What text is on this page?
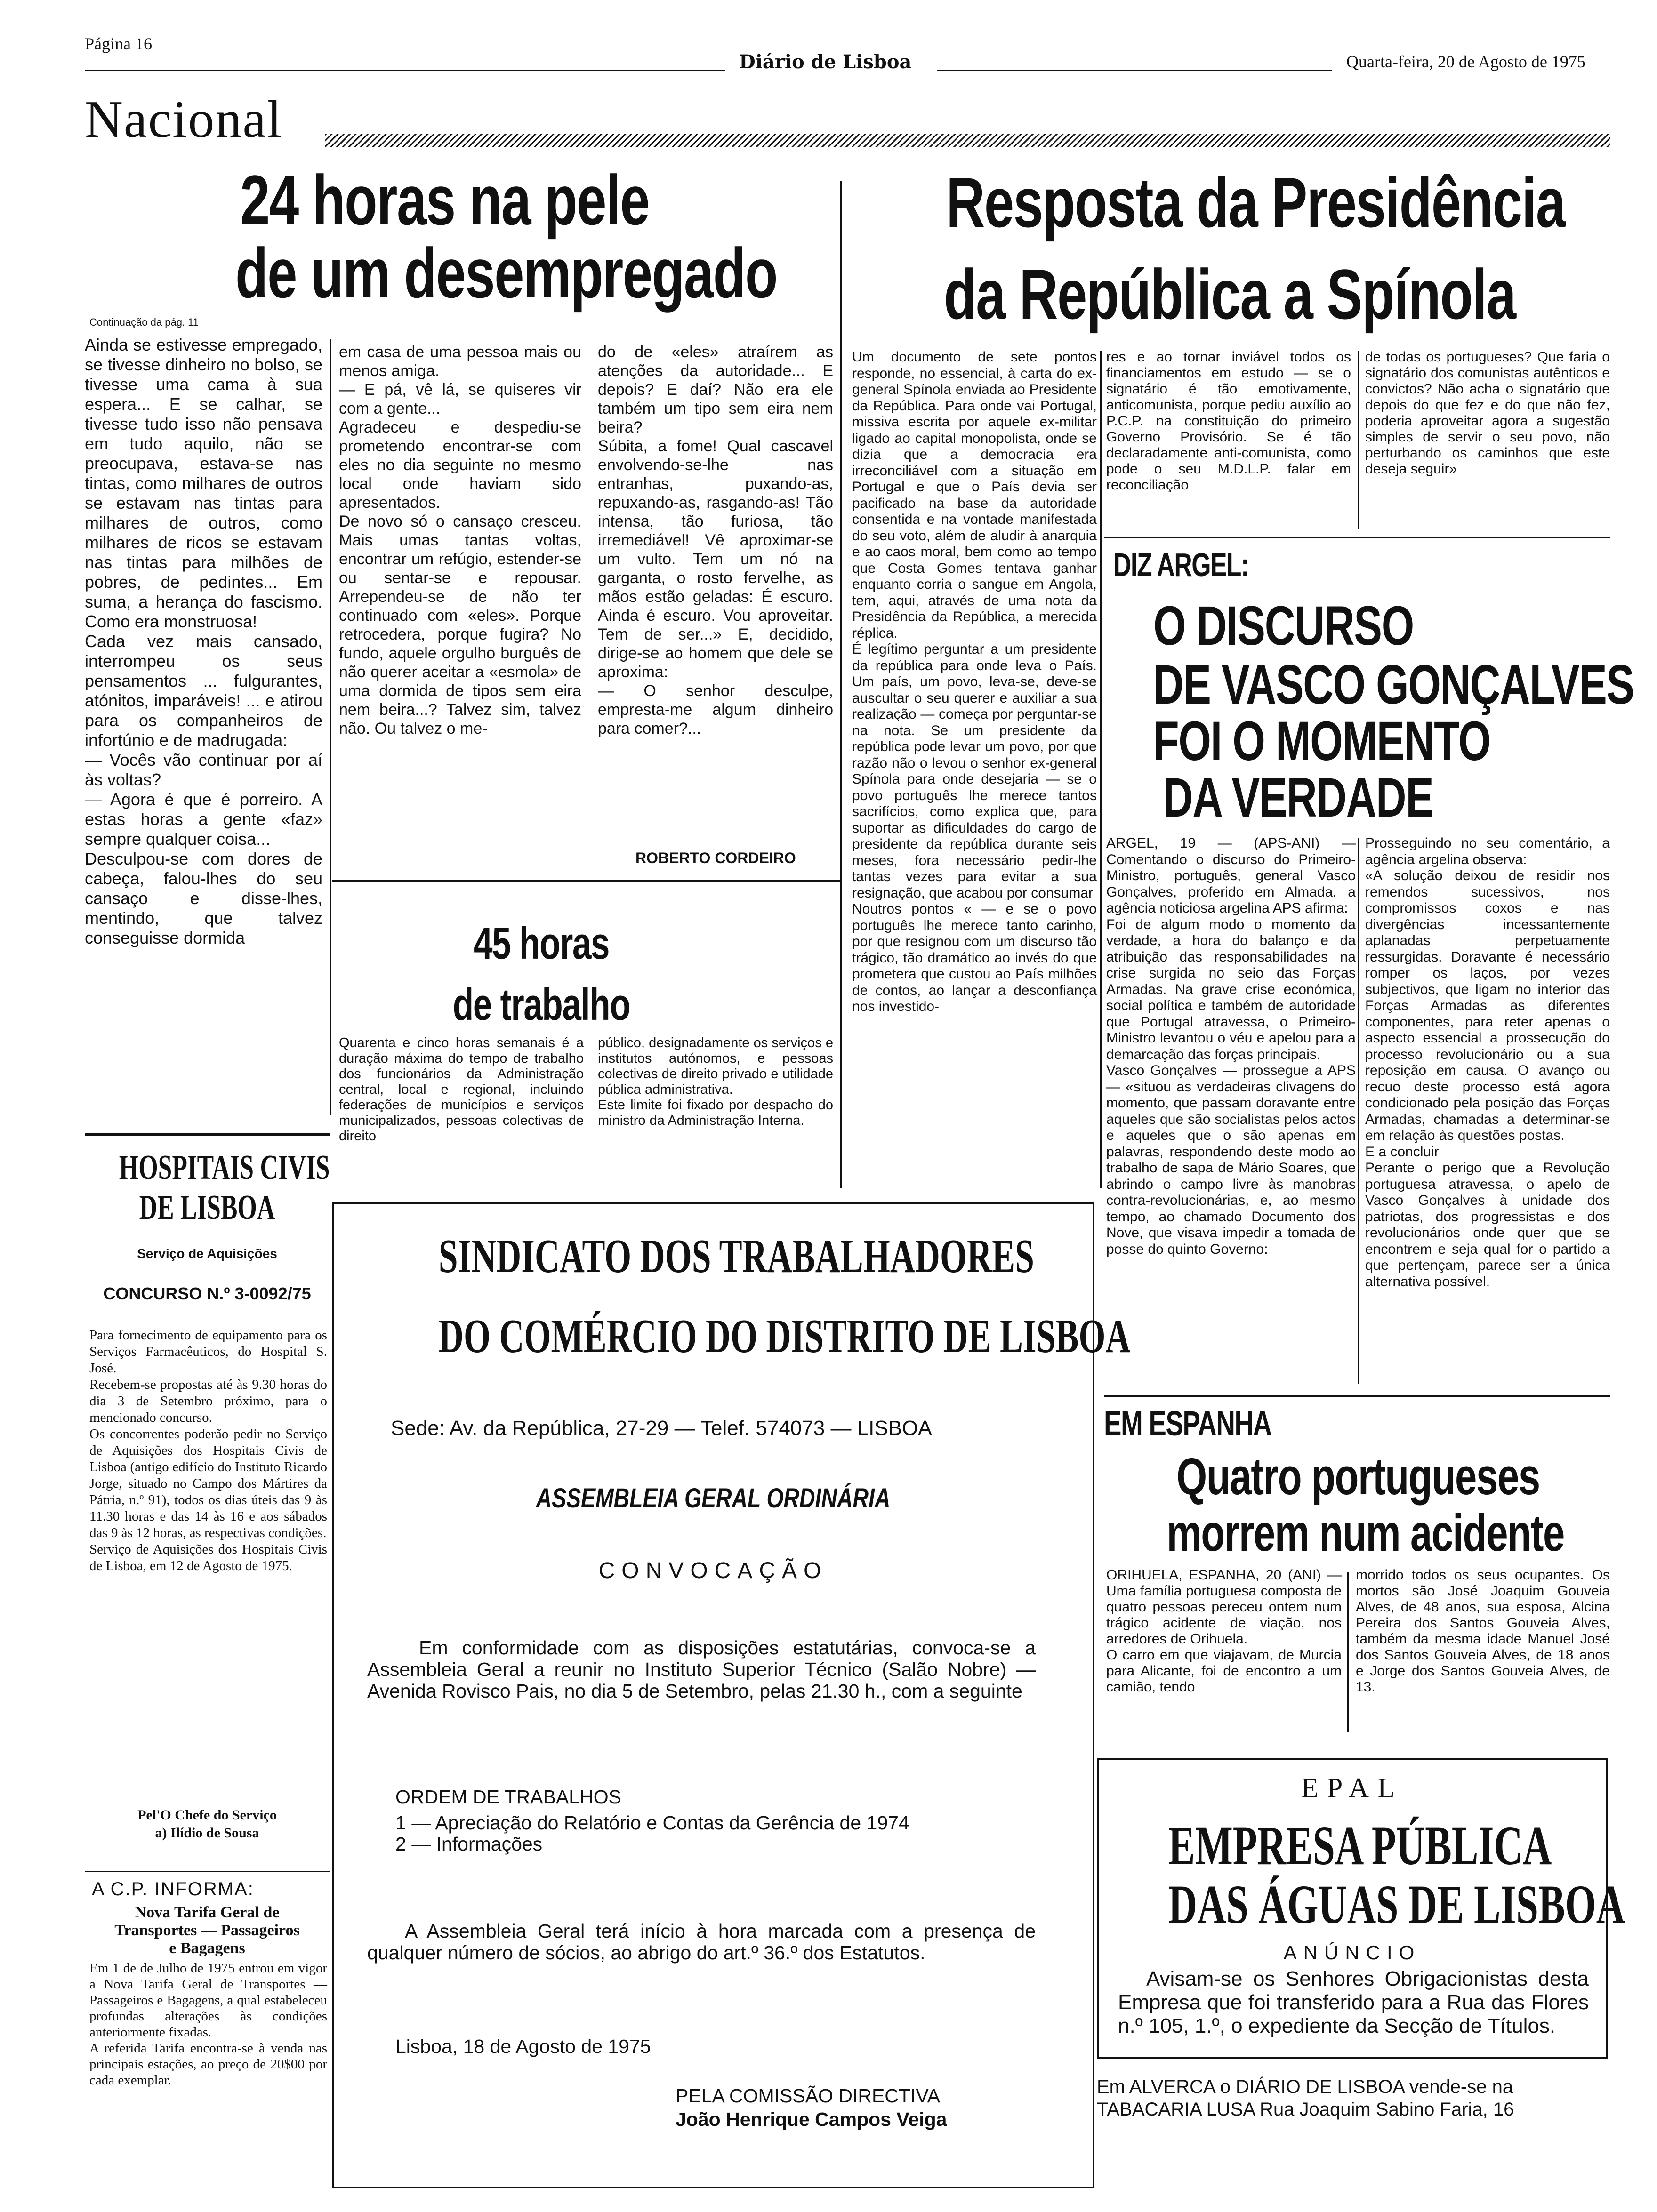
Página 16
Diário de Lisboa	Quarta-feira, 20 de Agosto de 1975
Nacional
24 horas na pele
de um desempregado
Continuação da pág. 11
Ainda se estivesse empregado, se tivesse dinheiro no bolso, se tivesse uma cama à sua espera... E se calhar, se tivesse tudo isso não pensava em tudo aquilo, não se preocupava, estava-se nas tintas, como milhares de outros se estavam nas tintas para milhares de outros, como milhares de ricos se estavam nas tintas para milhões de pobres, de pedintes... Em suma, a herança do fascismo. Como era monstruosa!
Cada vez mais cansado, interrompeu os seus pensamentos ... fulgurantes, atónitos, imparáveis! ... e atirou para os companheiros de infortúnio e de madrugada:
— Vocês vão continuar por aí às voltas?
— Agora é que é porreiro. A estas horas a gente «faz» sempre qualquer coisa...
Desculpou-se com dores de cabeça, falou-lhes do seu cansaço e disse-lhes, mentindo, que talvez conseguisse dormida
em casa de uma pessoa mais ou menos amiga.
— E pá, vê lá, se quiseres vir com a gente...
Agradeceu e despediu-se prometendo encontrar-se com eles no dia seguinte no mesmo local onde haviam sido apresentados.
De novo só o cansaço cresceu. Mais umas tantas voltas, encontrar um refúgio, estender-se ou sentar-se e repousar. Arrependeu-se de não ter continuado com «eles». Porque retrocedera, porque fugira? No fundo, aquele orgulho burguês de não querer aceitar a «esmola» de uma dormida de tipos sem eira nem beira...? Talvez sim, talvez não. Ou talvez o me-
do de «eles» atraírem as atenções da autoridade... E depois? E daí? Não era ele também um tipo sem eira nem beira?
Súbita, a fome! Qual cascavel envolvendo-se-lhe nas entranhas, puxando-as, repuxando-as, rasgando-as! Tão intensa, tão furiosa, tão irremediável! Vê aproximar-se um vulto. Tem um nó na garganta, o rosto fervelhe, as mãos estão geladas: É escuro. Ainda é escuro. Vou aproveitar. Tem de ser...» E, decidido, dirige-se ao homem que dele se aproxima:
— O senhor desculpe, empresta-me algum dinheiro para comer?...
ROBERTO CORDEIRO
45 horas
de trabalho
Quarenta e cinco horas semanais é a duração máxima do tempo de trabalho dos funcionários da Administração central, local e regional, incluindo federações de municípios e serviços municipalizados, pessoas colectivas de direito
público, designadamente os serviços e institutos autónomos, e pessoas colectivas de direito privado e utilidade pública administrativa.
Este limite foi fixado por despacho do ministro da Administração Interna.
Resposta da Presidência
da República a Spínola
Um documento de sete pontos responde, no essencial, à carta do ex-general Spínola enviada ao Presidente da República. Para onde vai Portugal, missiva escrita por aquele ex-militar ligado ao capital monopolista, onde se dizia que a democracia era irreconciliável com a situação em Portugal e que o País devia ser pacificado na base da autoridade consentida e na vontade manifestada do seu voto, além de aludir à anarquia e ao caos moral, bem como ao tempo que Costa Gomes tentava ganhar enquanto corria o sangue em Angola, tem, aqui, através de uma nota da Presidência da República, a merecida réplica.
É legítimo perguntar a um presidente da república para onde leva o País. Um país, um povo, leva-se, deve-se auscultar o seu querer e auxiliar a sua realização — começa por perguntar-se na nota. Se um presidente da república pode levar um povo, por que razão não o levou o senhor ex-general Spínola para onde desejaria — se o povo português lhe merece tantos sacrifícios, como explica que, para suportar as dificuldades do cargo de presidente da república durante seis meses, fora necessário pedir-lhe tantas vezes para evitar a sua resignação, que acabou por consumar
Noutros pontos « — e se o povo português lhe merece tanto carinho, por que resignou com um discurso tão trágico, tão dramático ao invés do que prometera que custou ao País milhões de contos, ao lançar a desconfiança nos investido-
res e ao tornar inviável todos os financiamentos em estudo — se o signatário é tão emotivamente, anticomunista, porque pediu auxílio ao P.C.P. na constituição do primeiro Governo Provisório. Se é tão declaradamente anti-comunista, como pode o seu M.D.L.P. falar em reconciliação
de todas os portugueses? Que faria o signatário dos comunistas autênticos e convictos? Não acha o signatário que depois do que fez e do que não fez, poderia aproveitar agora a sugestão simples de servir o seu povo, não perturbando os caminhos que este deseja seguir»
DIZ ARGEL:
O DISCURSO
DE VASCO GONÇALVES
FOI O MOMENTO
DA VERDADE
ARGEL, 19 — (APS-ANI) — Comentando o discurso do Primeiro-Ministro, português, general Vasco Gonçalves, proferido em Almada, a agência noticiosa argelina APS afirma:
Foi de algum modo o momento da verdade, a hora do balanço e da atribuição das responsabilidades na crise surgida no seio das Forças Armadas. Na grave crise económica, social política e também de autoridade que Portugal atravessa, o Primeiro-Ministro levantou o véu e apelou para a demarcação das forças principais.
Vasco Gonçalves — prossegue a APS — «situou as verdadeiras clivagens do momento, que passam doravante entre aqueles que são socialistas pelos actos e aqueles que o são apenas em palavras, respondendo deste modo ao trabalho de sapa de Mário Soares, que abrindo o campo livre às manobras contra-revolucionárias, e, ao mesmo tempo, ao chamado Documento dos Nove, que visava impedir a tomada de posse do quinto Governo:
Prosseguindo no seu comentário, a agência argelina observa:
«A solução deixou de residir nos remendos sucessivos, nos compromissos coxos e nas divergências incessantemente aplanadas perpetuamente ressurgidas. Doravante é necessário romper os laços, por vezes subjectivos, que ligam no interior das Forças Armadas as diferentes componentes, para reter apenas o aspecto essencial a prossecução do processo revolucionário ou a sua reposição em causa. O avanço ou recuo deste processo está agora condicionado pela posição das Forças Armadas, chamadas a determinar-se em relação às questões postas.
E a concluir
Perante o perigo que a Revolução portuguesa atravessa, o apelo de Vasco Gonçalves à unidade dos patriotas, dos progressistas e dos revolucionários onde quer que se encontrem e seja qual for o partido a que pertençam, parece ser a única alternativa possível.
EM ESPANHA
Quatro portugueses
morrem num acidente
ORIHUELA, ESPANHA, 20 (ANI) — Uma família portuguesa composta de quatro pessoas pereceu ontem num trágico acidente de viação, nos arredores de Orihuela.
O carro em que viajavam, de Murcia para Alicante, foi de encontro a um camião, tendo
morrido todos os seus ocupantes. Os mortos são José Joaquim Gouveia Alves, de 48 anos, sua esposa, Alcina Pereira dos Santos Gouveia Alves, também da mesma idade Manuel José dos Santos Gouveia Alves, de 18 anos e Jorge dos Santos Gouveia Alves, de 13.
HOSPITAIS CIVIS
DE LISBOA
Serviço de Aquisições
CONCURSO N.º 3-0092/75
Para fornecimento de equipamento para os Serviços Farmacêuticos, do Hospital S. José.
Recebem-se propostas até às 9.30 horas do dia 3 de Setembro próximo, para o mencionado concurso.
Os concorrentes poderão pedir no Serviço de Aquisições dos Hospitais Civis de Lisboa (antigo edifício do Instituto Ricardo Jorge, situado no Campo dos Mártires da Pátria, n.º 91), todos os dias úteis das 9 às 11.30 horas e das 14 às 16 e aos sábados das 9 às 12 horas, as respectivas condições.
Serviço de Aquisições dos Hospitais Civis de Lisboa, em 12 de Agosto de 1975.
Pel'O Chefe do Serviço
a) Ilídio de Sousa
A C.P. INFORMA:
Nova Tarifa Geral de
Transportes — Passageiros
e Bagagens
Em 1 de de Julho de 1975 entrou em vigor a Nova Tarifa Geral de Transportes — Passageiros e Bagagens, a qual estabeleceu profundas alterações às condições anteriormente fixadas.
A referida Tarifa encontra-se à venda nas principais estações, ao preço de 20$00 por cada exemplar.
SINDICATO DOS TRABALHADORES
DO COMÉRCIO DO DISTRITO DE LISBOA
Sede: Av. da República, 27-29 — Telef. 574073 — LISBOA
ASSEMBLEIA GERAL ORDINÁRIA
CONVOCAÇÃO
Em conformidade com as disposições estatutárias, convoca-se a Assembleia Geral a reunir no Instituto Superior Técnico (Salão Nobre) — Avenida Rovisco Pais, no dia 5 de Setembro, pelas 21.30 h., com a seguinte
ORDEM DE TRABALHOS
1 — Apreciação do Relatório e Contas da Gerência de 1974
2 — Informações
A Assembleia Geral terá início à hora marcada com a presença de qualquer número de sócios, ao abrigo do art.º 36.º dos Estatutos.
Lisboa, 18 de Agosto de 1975
PELA COMISSÃO DIRECTIVA
João Henrique Campos Veiga
EPAL
EMPRESA PÚBLICA
DAS ÁGUAS DE LISBOA
ANÚNCIO
Avisam-se os Senhores Obrigacionistas desta Empresa que foi transferido para a Rua das Flores n.º 105, 1.º, o expediente da Secção de Títulos.
Em ALVERCA o DIÁRIO DE LISBOA vende-se na TABACARIA LUSA Rua Joaquim Sabino Faria, 16
